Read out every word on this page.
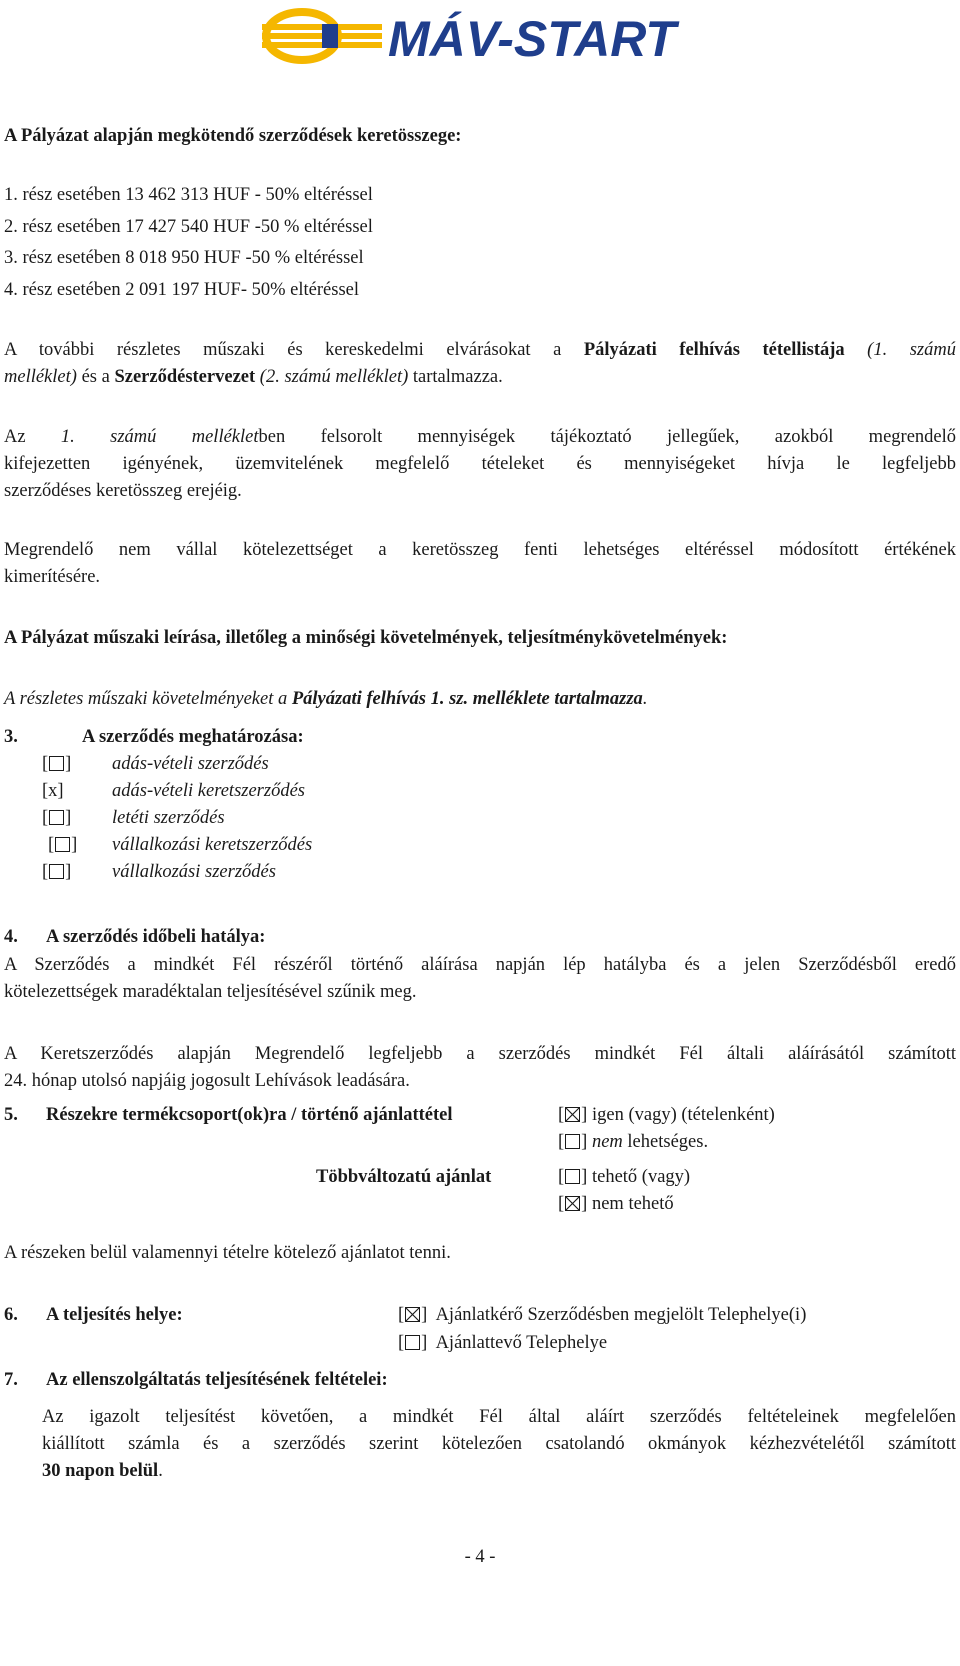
MÁV-START
A Pályázat alapján megkötendő szerződések keretösszege:
1. rész esetében 13 462 313 HUF - 50% eltéréssel
2. rész esetében 17 427 540 HUF -50 % eltéréssel
3. rész esetében 8 018 950 HUF -50 % eltéréssel
4. rész esetében 2 091 197 HUF- 50% eltéréssel
A további részletes műszaki és kereskedelmi elvárásokat a Pályázati felhívás tétellistája (1. számú
melléklet) és a Szerződéstervezet (2. számú melléklet) tartalmazza.
Az 1. számú mellékletben felsorolt mennyiségek tájékoztató jellegűek, azokból megrendelő
kifejezetten igényének, üzemvitelének megfelelő tételeket és mennyiségeket hívja le legfeljebb
szerződéses keretösszeg erejéig.
Megrendelő nem vállal kötelezettséget a keretösszeg fenti lehetséges eltéréssel módosított értékének
kimerítésére.
A Pályázat műszaki leírása, illetőleg a minőségi követelmények, teljesítménykövetelmények:
A részletes műszaki követelményeket a Pályázati felhívás 1. sz. melléklete tartalmazza.
3.	A szerződés meghatározása:
[ ] adás-vételi szerződés
[x]	adás-vételi keretszerződés
[ ] letéti szerződés
[ ] vállalkozási keretszerződés
[ ] vállalkozási szerződés
4. A szerződés időbeli hatálya:
A Szerződés a mindkét Fél részéről történő aláírása napján lép hatályba és a jelen Szerződésből eredő
kötelezettségek maradéktalan teljesítésével szűnik meg.
A Keretszerződés alapján Megrendelő legfeljebb a szerződés mindkét Fél általi aláírásától számított
24. hónap utolsó napjáig jogosult Lehívások leadására.
5. Részekre termékcsoport(ok)ra / történő ajánlattétel	[ ] igen (vagy) (tételenként)
[ ] nem lehetséges.
Többváltozatú ajánlat	[ ] tehető (vagy)
[ ] nem tehető
A részeken belül valamennyi tételre kötelező ajánlatot tenni.
6. A teljesítés helye:	[ ]  Ajánlatkérő Szerződésben megjelölt Telephelye(i)
[ ]  Ajánlattevő Telephelye
7. Az ellenszolgáltatás teljesítésének feltételei:
Az igazolt teljesítést követően, a mindkét Fél által aláírt szerződés feltételeinek megfelelően
kiállított számla és a szerződés szerint kötelezően csatolandó okmányok kézhezvételétől számított
30 napon belül.
- 4 -
